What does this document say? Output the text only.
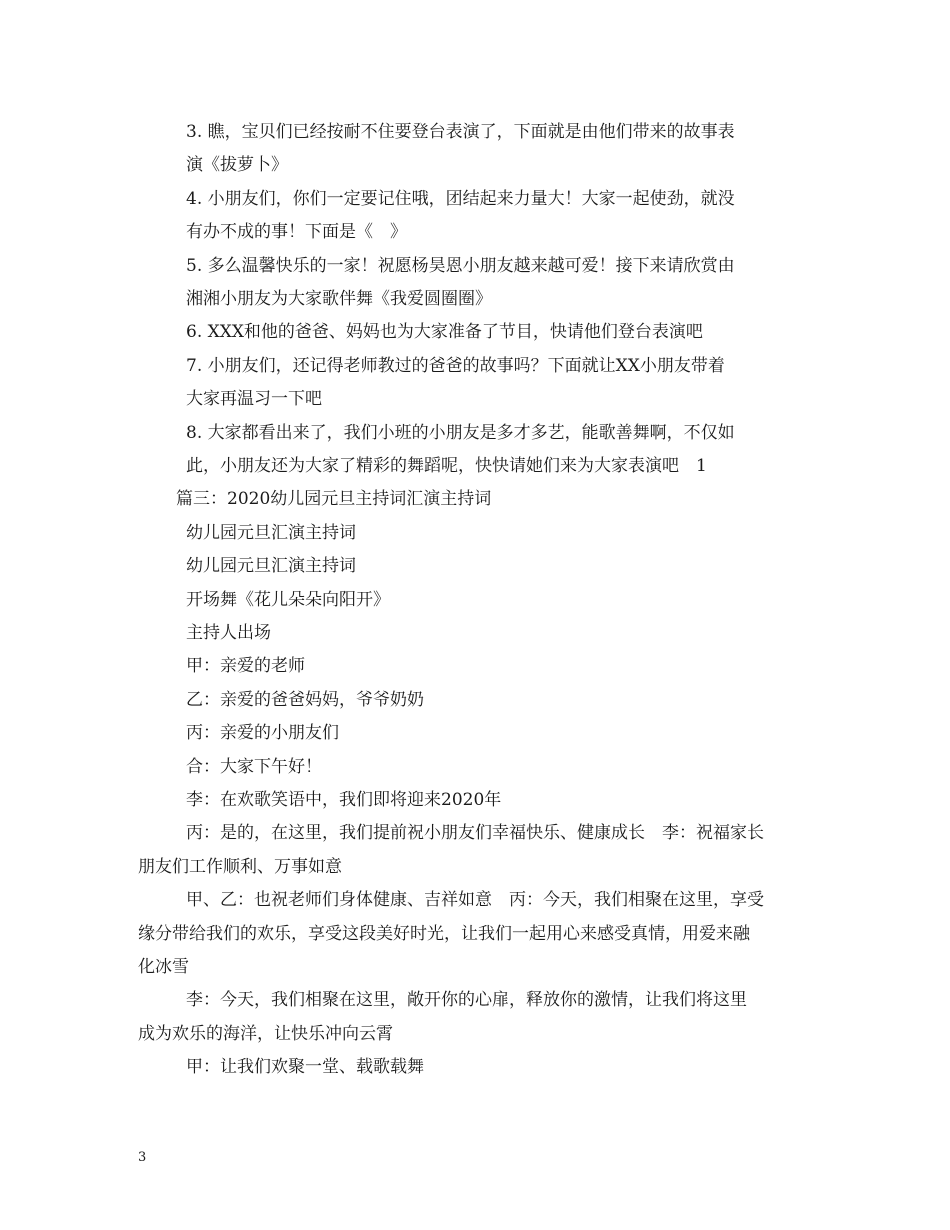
3. 瞧，宝贝们已经按耐不住要登台表演了，下面就是由他们带来的故事表
演《拔萝卜》
4. 小朋友们，你们一定要记住哦，团结起来力量大！大家一起使劲，就没
有办不成的事！下面是《　》
5. 多么温馨快乐的一家！祝愿杨昊恩小朋友越来越可爱！接下来请欣赏由
湘湘小朋友为大家歌伴舞《我爱圆圈圈》
6. XXX和他的爸爸、妈妈也为大家准备了节目，快请他们登台表演吧
7. 小朋友们，还记得老师教过的爸爸的故事吗？下面就让XX小朋友带着
大家再温习一下吧
8. 大家都看出来了，我们小班的小朋友是多才多艺，能歌善舞啊，不仅如
此，小朋友还为大家了精彩的舞蹈呢，快快请她们来为大家表演吧　1
篇三：2020幼儿园元旦主持词汇演主持词
幼儿园元旦汇演主持词
幼儿园元旦汇演主持词
开场舞《花儿朵朵向阳开》
主持人出场
甲：亲爱的老师
乙：亲爱的爸爸妈妈，爷爷奶奶
丙：亲爱的小朋友们
合：大家下午好！
李：在欢歌笑语中，我们即将迎来2020年
丙：是的，在这里，我们提前祝小朋友们幸福快乐、健康成长　李：祝福家长
朋友们工作顺利、万事如意
甲、乙：也祝老师们身体健康、吉祥如意　丙：今天，我们相聚在这里，享受
缘分带给我们的欢乐，享受这段美好时光，让我们一起用心来感受真情，用爱来融
化冰雪
李：今天，我们相聚在这里，敞开你的心扉，释放你的激情，让我们将这里
成为欢乐的海洋，让快乐冲向云霄
甲：让我们欢聚一堂、载歌载舞
3
